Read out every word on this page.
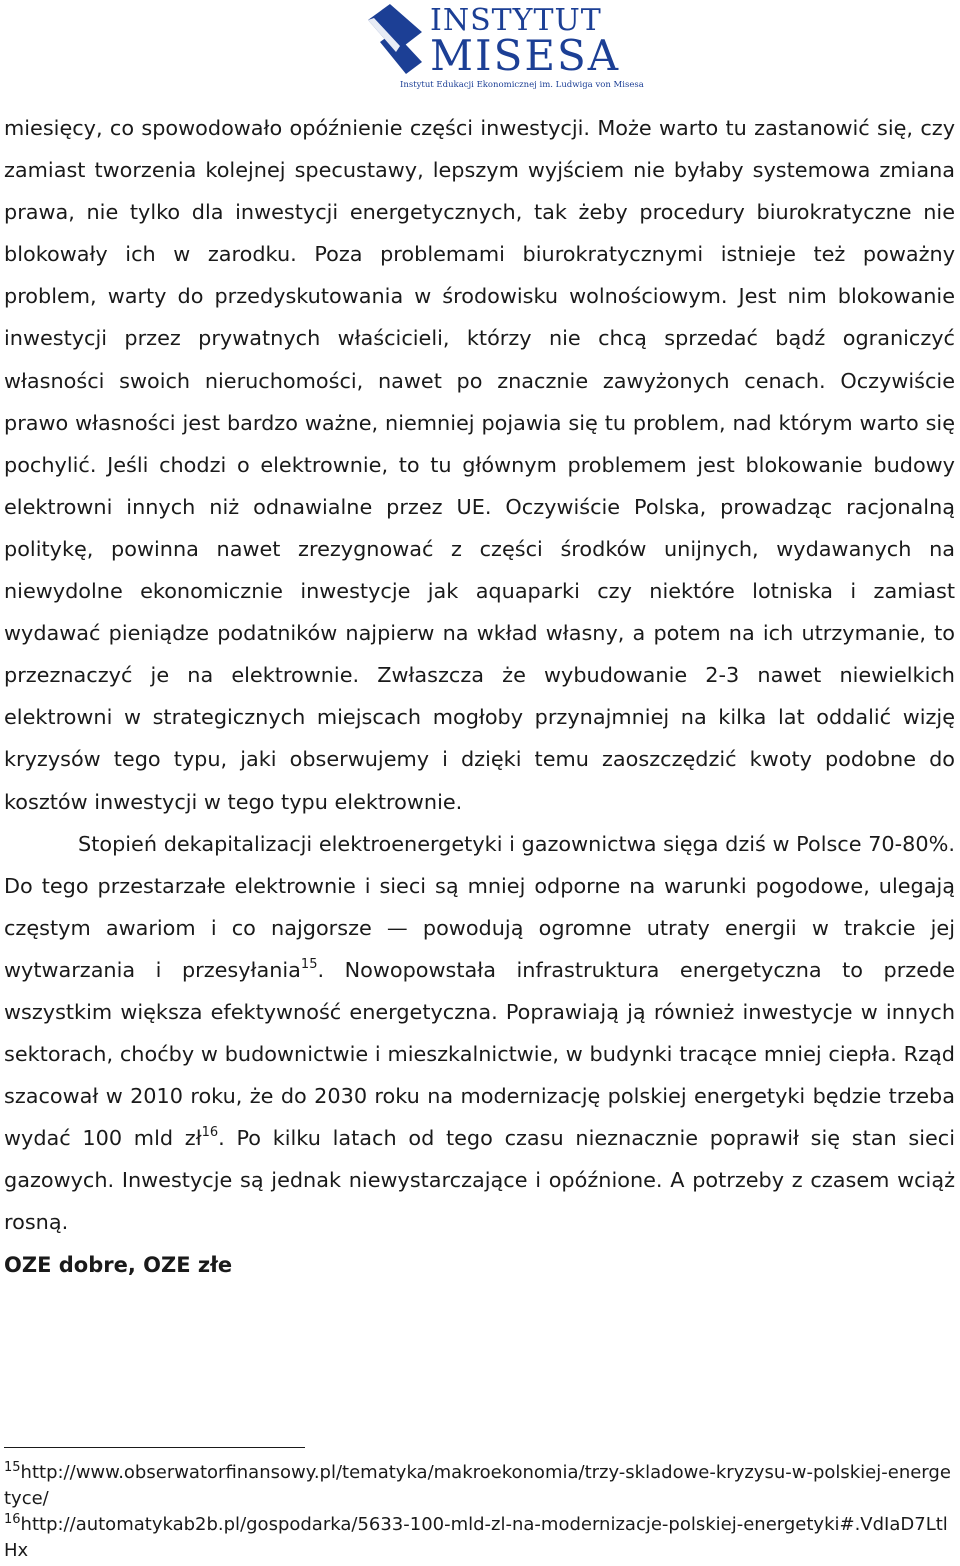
INSTYTUT
MISESA
Instytut Edukacji Ekonomicznej im. Ludwiga von Misesa

miesięcy, co spowodowało opóźnienie części inwestycji. Może warto tu zastanowić się, czy zamiast tworzenia kolejnej specustawy, lepszym wyjściem nie byłaby systemowa zmiana prawa, nie tylko dla inwestycji energetycznych, tak żeby procedury biurokratyczne nie blokowały ich w zarodku. Poza problemami biurokratycznymi istnieje też poważny problem, warty do przedyskutowania w środowisku wolnościowym. Jest nim blokowanie inwestycji przez prywatnych właścicieli, którzy nie chcą sprzedać bądź ograniczyć własności swoich nieruchomości, nawet po znacznie zawyżonych cenach. Oczywiście prawo własności jest bardzo ważne, niemniej pojawia się tu problem, nad którym warto się pochylić. Jeśli chodzi o elektrownie, to tu głównym problemem jest blokowanie budowy elektrowni innych niż odnawialne przez UE. Oczywiście Polska, prowadząc racjonalną politykę, powinna nawet zrezygnować z części środków unijnych, wydawanych na niewydolne ekonomicznie inwestycje jak aquaparki czy niektóre lotniska i zamiast wydawać pieniądze podatników najpierw na wkład własny, a potem na ich utrzymanie, to przeznaczyć je na elektrownie. Zwłaszcza że wybudowanie 2-3 nawet niewielkich elektrowni w strategicznych miejscach mogłoby przynajmniej na kilka lat oddalić wizję kryzysów tego typu, jaki obserwujemy i dzięki temu zaoszczędzić kwoty podobne do kosztów inwestycji w tego typu elektrownie.

Stopień dekapitalizacji elektroenergetyki i gazownictwa sięga dziś w Polsce 70-80%. Do tego przestarzałe elektrownie i sieci są mniej odporne na warunki pogodowe, ulegają częstym awariom i co najgorsze — powodują ogromne utraty energii w trakcie jej wytwarzania i przesyłania$^{15}$. Nowopowstała infrastruktura energetyczna to przede wszystkim większa efektywność energetyczna. Poprawiają ją również inwestycje w innych sektorach, choćby w budownictwie i mieszkalnictwie, w budynki tracące mniej ciepła. Rząd szacował w 2010 roku, że do 2030 roku na modernizację polskiej energetyki będzie trzeba wydać 100 mld $zł^{16}$. Po kilku latach od tego czasu nieznacznie poprawił się stan sieci gazowych. Inwestycje są jednak niewystarczające i opóźnione. A potrzeby z czasem wciąż rosną.

OZE dobre, OZE złe

$^{15}$http://www.obserwatorfinansowy.pl/tematyka/makroekonomia/trzy-skladowe-kryzysu-w-polskiej-energetyce/

$^{16}$http://automatykab2b.pl/gospodarka/5633-100-mld-zl-na-modernizacje-polskiej-energetyki#.VdIaD7LtlHx
